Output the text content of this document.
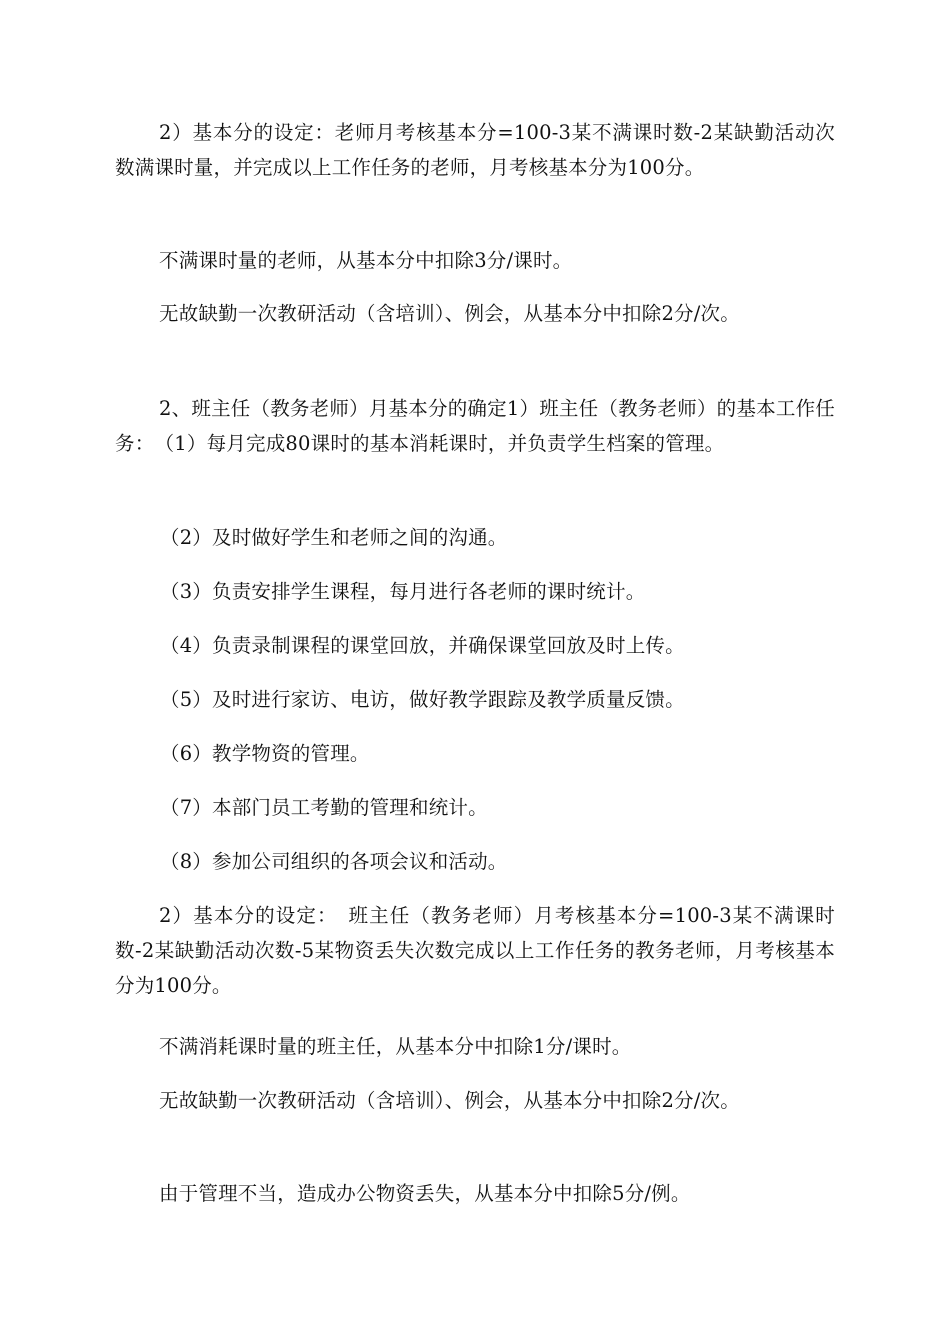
2）基本分的设定：老师月考核基本分=100-3某不满课时数-2某缺勤活动次数满课时量，并完成以上工作任务的老师，月考核基本分为100分。

不满课时量的老师，从基本分中扣除3分/课时。

无故缺勤一次教研活动（含培训）、例会，从基本分中扣除2分/次。

2、班主任（教务老师）月基本分的确定1）班主任（教务老师）的基本工作任务：　（1）每月完成80课时的基本消耗课时，并负责学生档案的管理。

（2）及时做好学生和老师之间的沟通。

（3）负责安排学生课程，每月进行各老师的课时统计。

（4）负责录制课程的课堂回放，并确保课堂回放及时上传。

（5）及时进行家访、电访，做好教学跟踪及教学质量反馈。

（6）教学物资的管理。

（7）本部门员工考勤的管理和统计。

（8）参加公司组织的各项会议和活动。

2）基本分的设定：　班主任（教务老师）月考核基本分=100-3某不满课时数-2某缺勤活动次数-5某物资丢失次数完成以上工作任务的教务老师，月考核基本分为100分。

不满消耗课时量的班主任，从基本分中扣除1分/课时。

无故缺勤一次教研活动（含培训）、例会，从基本分中扣除2分/次。

由于管理不当，造成办公物资丢失，从基本分中扣除5分/例。
